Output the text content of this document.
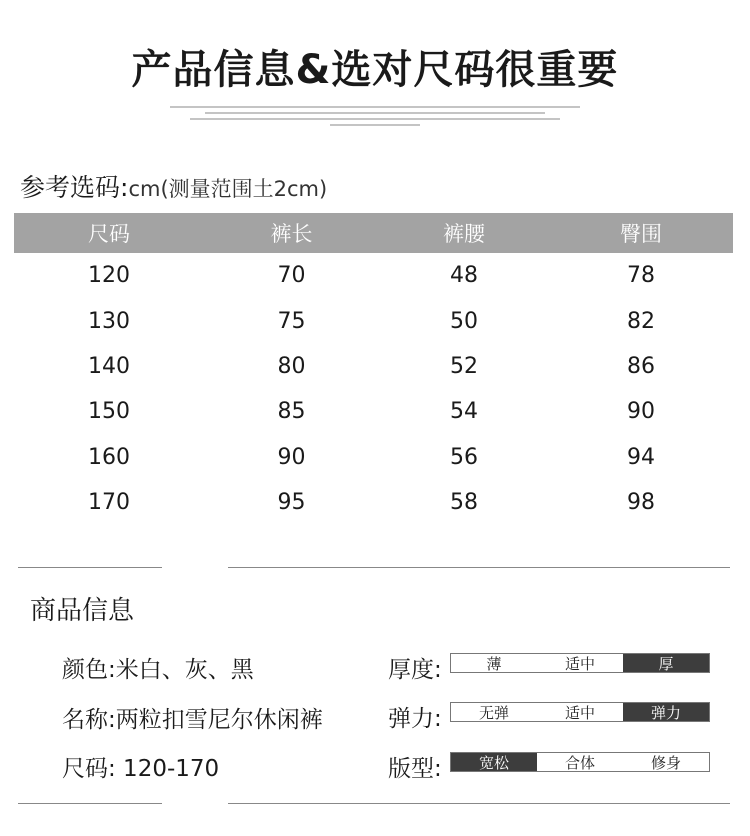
产品信息&选对尺码很重要
参考选码:cm(测量范围土2cm)
尺码	裤长	裤腰	臀围
120	70	48	78
130	75	50	82
140	80	52	86
150	85	54	90
160	90	56	94
170	95	58	98
商品信息
颜色:米白、灰、黑
名称:两粒扣雪尼尔休闲裤
尺码: 120-170
厚度:	薄	适中	厚
弹力:	无弹	适中	弹力
版型:	宽松	合体	修身
